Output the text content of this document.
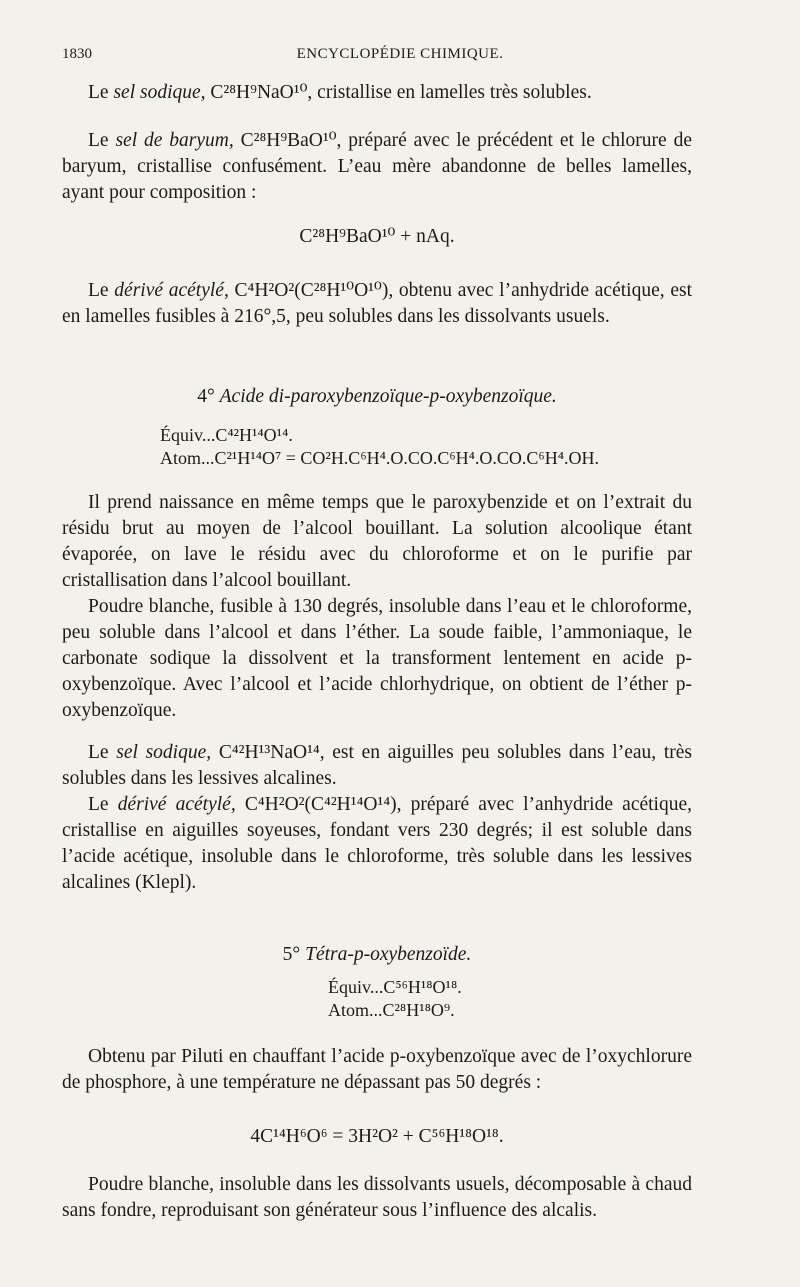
1830	ENCYCLOPÉDIE CHIMIQUE.

Le sel sodique, C²⁸H⁹NaO¹⁰, cristallise en lamelles très solubles.

Le sel de baryum, C²⁸H⁹BaO¹⁰, préparé avec le précédent et le chlorure de baryum, cristallise confusément. L’eau mère abandonne de belles lamelles, ayant pour composition :

C²⁸H⁹BaO¹⁰ + nAq.

Le dérivé acétylé, C⁴H²O²(C²⁸H¹⁰O¹⁰), obtenu avec l’anhydride acétique, est en lamelles fusibles à 216°,5, peu solubles dans les dissolvants usuels.

4° Acide di-paroxybenzoïque-p-oxybenzoïque.
Équiv...C⁴²H¹⁴O¹⁴.
Atom...C²¹H¹⁴O⁷ = CO²H.C⁶H⁴.O.CO.C⁶H⁴.O.CO.C⁶H⁴.OH.

Il prend naissance en même temps que le paroxybenzide et on l’extrait du résidu brut au moyen de l’alcool bouillant. La solution alcoolique étant évaporée, on lave le résidu avec du chloroforme et on le purifie par cristallisation dans l’alcool bouillant.

Poudre blanche, fusible à 130 degrés, insoluble dans l’eau et le chloroforme, peu soluble dans l’alcool et dans l’éther. La soude faible, l’ammoniaque, le carbonate sodique la dissolvent et la transforment lentement en acide p-oxybenzoïque. Avec l’alcool et l’acide chlorhydrique, on obtient de l’éther p-oxybenzoïque.

Le sel sodique, C⁴²H¹³NaO¹⁴, est en aiguilles peu solubles dans l’eau, très solubles dans les lessives alcalines.

Le dérivé acétylé, C⁴H²O²(C⁴²H¹⁴O¹⁴), préparé avec l’anhydride acétique, cristallise en aiguilles soyeuses, fondant vers 230 degrés; il est soluble dans l’acide acétique, insoluble dans le chloroforme, très soluble dans les lessives alcalines (Klepl).

5° Tétra-p-oxybenzoïde.
Équiv...C⁵⁶H¹⁸O¹⁸.
Atom...C²⁸H¹⁸O⁹.

Obtenu par Piluti en chauffant l’acide p-oxybenzoïque avec de l’oxychlorure de phosphore, à une température ne dépassant pas 50 degrés :

4C¹⁴H⁶O⁶ = 3H²O² + C⁵⁶H¹⁸O¹⁸.

Poudre blanche, insoluble dans les dissolvants usuels, décomposable à chaud sans fondre, reproduisant son générateur sous l’influence des alcalis.
